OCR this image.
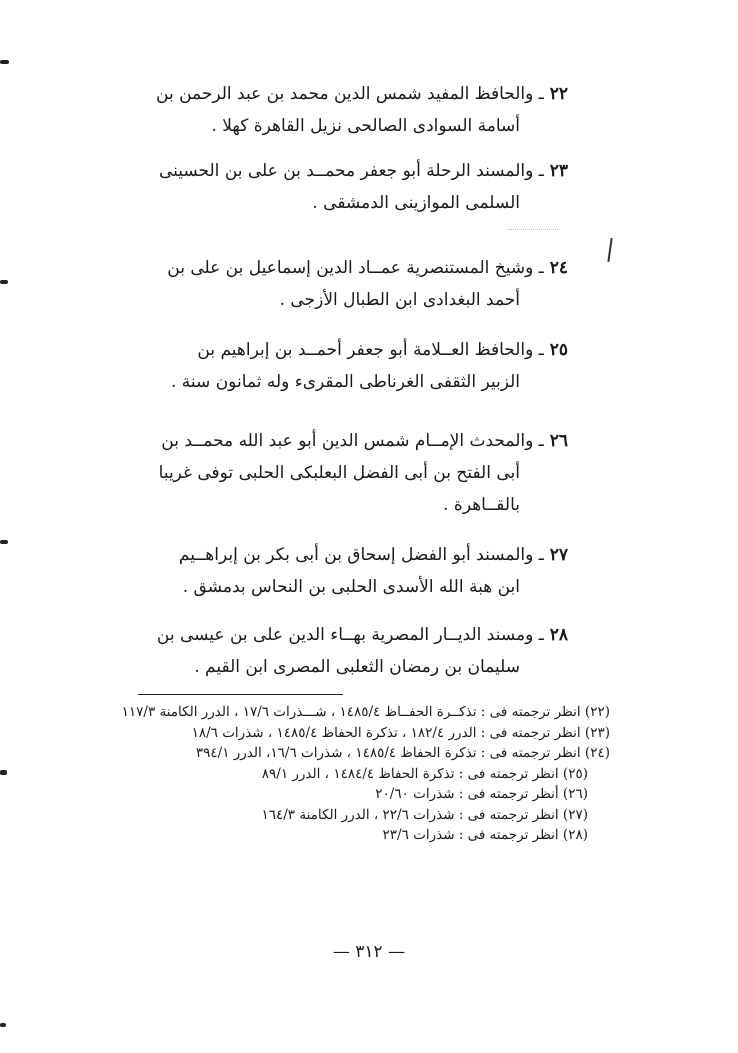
٢٢ـ والحافظ المفيد شمس الدين محمد بن عبد الرحمن بن
أسامة السوادى الصالحى نزيل القاهرة كهلا .
٢٣ـ والمسند الرحلة أبو جعفر محمــد بن على بن الحسينى
السلمى الموازينى الدمشقى .
٢٤ـ وشيخ المستنصرية عمــاد الدين إسماعيل بن على بن
أحمد البغدادى ابن الطبال الأزجى .
٢٥ـ والحافظ العــلامة أبو جعفر أحمــد بن إبراهيم بن
الزبير الثقفى الغرناطى المقرىء وله ثمانون سنة .
٢٦ـ والمحدث الإمــام شمس الدين أبو عبد الله محمــد بن
أبى الفتح بن أبى الفضل البعلبكى الحلبى توفى غريبا
بالقــاهرة .
٢٧ـ والمسند أبو الفضل إسحاق بن أبى بكر بن إبراهــيم
ابن هبة الله الأسدى الحلبى بن النحاس بدمشق .
٢٨ـ ومسند الديــار المصرية بهــاء الدين على بن عيسى بن
سليمان بن رمضان الثعلبى المصرى ابن القيم .
(٢٢) انظر ترجمته فى : تذكــرة الحفــاظ ١٤٨٥/٤ ، شـــذرات ١٧/٦ ، الدرر الكامنة ١١٧/٣
(٢٣) انظر ترجمته فى : الدرر ١٨٢/٤ ، تذكرة الحفاظ ١٤٨٥/٤ ، شذرات ١٨/٦
(٢٤) انظر ترجمته فى : تذكرة الحفاظ ١٤٨٥/٤ ، شذرات ١٦/٦، الدرر ٣٩٤/١
(٢٥) انظر ترجمته فى : تذكرة الحفاظ ١٤٨٤/٤ ، الدرر ٨٩/١
(٢٦) أنظر ترجمته فى : شذرات ٢٠/٦٠
(٢٧) انظر ترجمته فى : شذرات ٢٢/٦ ، الدرر الكامنة ١٦٤/٣
(٢٨) انظر ترجمته فى : شذرات ٢٣/٦
— ٣١٢ —
